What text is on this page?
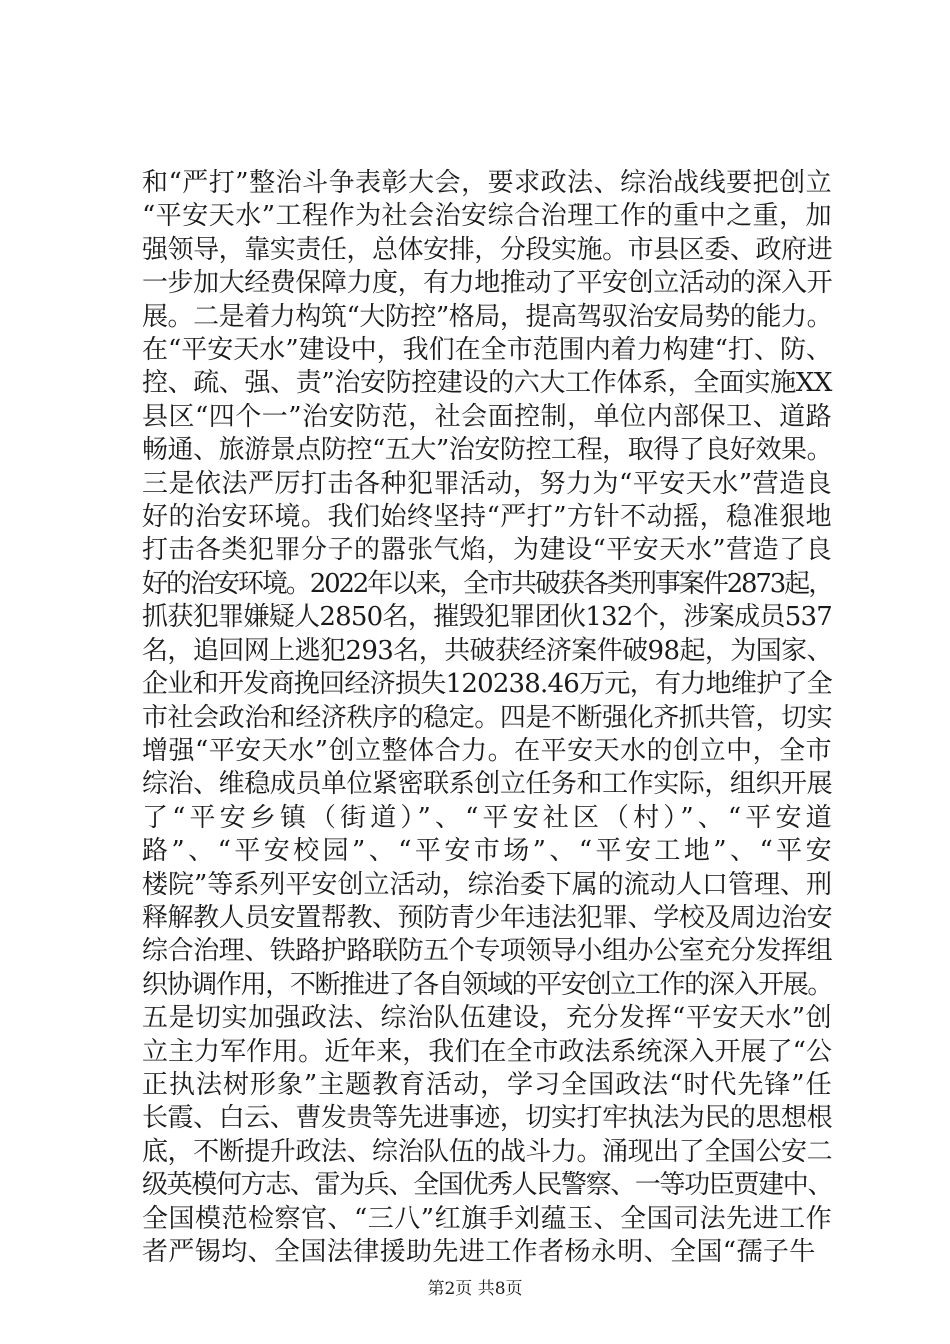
和“严打”整治斗争表彰大会，要求政法、综治战线要把创立
“平安天水”工程作为社会治安综合治理工作的重中之重，加
强领导，靠实责任，总体安排，分段实施。市县区委、政府进
一步加大经费保障力度，有力地推动了平安创立活动的深入开
展。二是着力构筑“大防控”格局，提高驾驭治安局势的能力。
在“平安天水”建设中，我们在全市范围内着力构建“打、防、
控、疏、强、责”治安防控建设的六大工作体系，全面实施XX
县区“四个一”治安防范，社会面控制，单位内部保卫、道路
畅通、旅游景点防控“五大”治安防控工程，取得了良好效果。
三是依法严厉打击各种犯罪活动，努力为“平安天水”营造良
好的治安环境。我们始终坚持“严打”方针不动摇，稳准狠地
打击各类犯罪分子的嚣张气焰，为建设“平安天水”营造了良
好的治安环境。2022年以来，全市共破获各类刑事案件2873起，
抓获犯罪嫌疑人2850名，摧毁犯罪团伙132个，涉案成员537
名，追回网上逃犯293名，共破获经济案件破98起，为国家、
企业和开发商挽回经济损失120238.46万元，有力地维护了全
市社会政治和经济秩序的稳定。四是不断强化齐抓共管，切实
增强“平安天水”创立整体合力。在平安天水的创立中，全市
综治、维稳成员单位紧密联系创立任务和工作实际，组织开展
了“平安乡镇（街道）”、“平安社区（村）”、“平安道
路”、“平安校园”、“平安市场”、“平安工地”、“平安
楼院”等系列平安创立活动，综治委下属的流动人口管理、刑
释解教人员安置帮教、预防青少年违法犯罪、学校及周边治安
综合治理、铁路护路联防五个专项领导小组办公室充分发挥组
织协调作用，不断推进了各自领域的平安创立工作的深入开展。
五是切实加强政法、综治队伍建设，充分发挥“平安天水”创
立主力军作用。近年来，我们在全市政法系统深入开展了“公
正执法树形象”主题教育活动，学习全国政法“时代先锋”任
长霞、白云、曹发贵等先进事迹，切实打牢执法为民的思想根
底，不断提升政法、综治队伍的战斗力。涌现出了全国公安二
级英模何方志、雷为兵、全国优秀人民警察、一等功臣贾建中、
全国模范检察官、“三八”红旗手刘蕴玉、全国司法先进工作
者严锡均、全国法律援助先进工作者杨永明、全国“孺子牛
第2页 共8页
